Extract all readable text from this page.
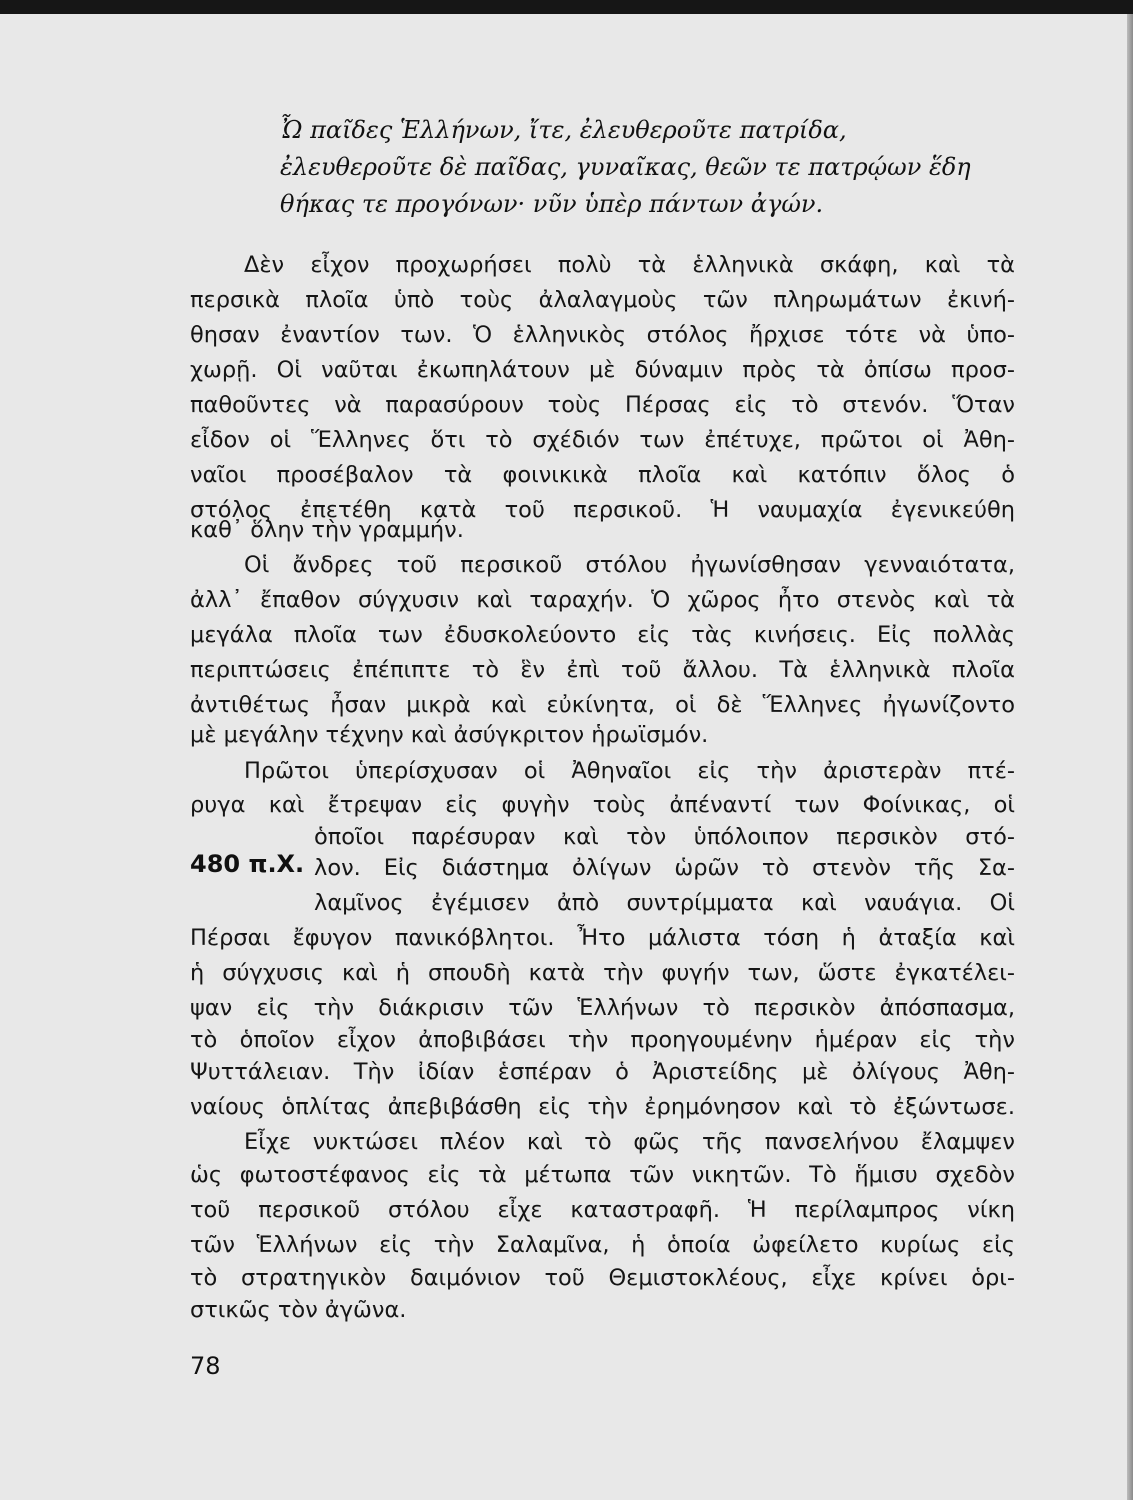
Ὦ παῖδες Ἑλλήνων, ἴτε, ἐλευθεροῦτε πατρίδα,
ἐλευθεροῦτε δὲ παῖδας, γυναῖκας, θεῶν τε πατρῴων ἕδη
θήκας τε προγόνων· νῦν ὑπὲρ πάντων ἀγών.

Δὲν εἶχον προχωρήσει πολὺ τὰ ἑλληνικὰ σκάφη, καὶ τὰ

περσικὰ πλοῖα ὑπὸ τοὺς ἀλαλαγμοὺς τῶν πληρωμάτων ἐκινή-

θησαν ἐναντίον των. Ὁ ἑλληνικὸς στόλος ἤρχισε τότε νὰ ὑπο-

χωρῇ. Οἱ ναῦται ἐκωπηλάτουν μὲ δύναμιν πρὸς τὰ ὀπίσω προσ-

παθοῦντες νὰ παρασύρουν τοὺς Πέρσας εἰς τὸ στενόν. Ὅταν

εἶδον οἱ Ἕλληνες ὅτι τὸ σχέδιόν των ἐπέτυχε, πρῶτοι οἱ Ἀθη-

ναῖοι προσέβαλον τὰ φοινικικὰ πλοῖα καὶ κατόπιν ὅλος ὁ

στόλος ἐπετέθη κατὰ τοῦ περσικοῦ. Ἡ ναυμαχία ἐγενικεύθη

καθ᾽ ὅλην τὴν γραμμήν.

Οἱ ἄνδρες τοῦ περσικοῦ στόλου ἠγωνίσθησαν γενναιότατα,

ἀλλ᾽ ἔπαθον σύγχυσιν καὶ ταραχήν. Ὁ χῶρος ἦτο στενὸς καὶ τὰ

μεγάλα πλοῖα των ἐδυσκολεύοντο εἰς τὰς κινήσεις. Εἰς πολλὰς

περιπτώσεις ἐπέπιπτε τὸ ἓν ἐπὶ τοῦ ἄλλου. Τὰ ἑλληνικὰ πλοῖα

ἀντιθέτως ἦσαν μικρὰ καὶ εὐκίνητα, οἱ δὲ Ἕλληνες ἠγωνίζοντο

μὲ μεγάλην τέχνην καὶ ἀσύγκριτον ἡρωϊσμόν.

Πρῶτοι ὑπερίσχυσαν οἱ Ἀθηναῖοι εἰς τὴν ἀριστερὰν πτέ-

ρυγα καὶ ἔτρεψαν εἰς φυγὴν τοὺς ἀπέναντί των Φοίνικας, οἱ

ὁποῖοι παρέσυραν καὶ τὸν ὑπόλοιπον περσικὸν στό-

480 π.Χ. λον. Εἰς διάστημα ὀλίγων ὡρῶν τὸ στενὸν τῆς Σα-

λαμῖνος ἐγέμισεν ἀπὸ συντρίμματα καὶ ναυάγια. Οἱ

Πέρσαι ἔφυγον πανικόβλητοι. Ἦτο μάλιστα τόση ἡ ἀταξία καὶ

ἡ σύγχυσις καὶ ἡ σπουδὴ κατὰ τὴν φυγήν των, ὥστε ἐγκατέλει-

ψαν εἰς τὴν διάκρισιν τῶν Ἑλλήνων τὸ περσικὸν ἀπόσπασμα,

τὸ ὁποῖον εἶχον ἀποβιβάσει τὴν προηγουμένην ἡμέραν εἰς τὴν

Ψυττάλειαν. Τὴν ἰδίαν ἑσπέραν ὁ Ἀριστείδης μὲ ὀλίγους Ἀθη-

ναίους ὁπλίτας ἀπεβιβάσθη εἰς τὴν ἐρημόνησον καὶ τὸ ἐξώντωσε.

Εἶχε νυκτώσει πλέον καὶ τὸ φῶς τῆς πανσελήνου ἔλαμψεν

ὡς φωτοστέφανος εἰς τὰ μέτωπα τῶν νικητῶν. Τὸ ἥμισυ σχεδὸν

τοῦ περσικοῦ στόλου εἶχε καταστραφῆ. Ἡ περίλαμπρος νίκη

τῶν Ἑλλήνων εἰς τὴν Σαλαμῖνα, ἡ ὁποία ὠφείλετο κυρίως εἰς

τὸ στρατηγικὸν δαιμόνιον τοῦ Θεμιστοκλέους, εἶχε κρίνει ὁρι-

στικῶς τὸν ἀγῶνα.

78
